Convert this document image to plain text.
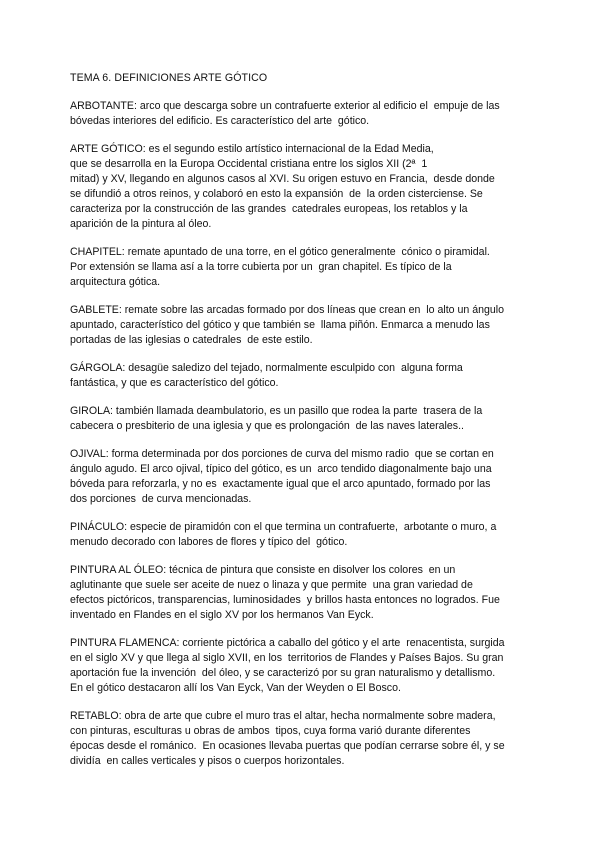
TEMA 6. DEFINICIONES ARTE GÓTICO
ARBOTANTE: arco que descarga sobre un contrafuerte exterior al edificio el  empuje de las
bóvedas interiores del edificio. Es característico del arte  gótico.
ARTE GÓTICO: es el segundo estilo artístico internacional de la Edad Media,
que se desarrolla en la Europa Occidental cristiana entre los siglos XII (2ª  1
mitad) y XV, llegando en algunos casos al XVI. Su origen estuvo en Francia,  desde donde
se difundió a otros reinos, y colaboró en esto la expansión  de  la orden cisterciense. Se
caracteriza por la construcción de las grandes  catedrales europeas, los retablos y la
aparición de la pintura al óleo.
CHAPITEL: remate apuntado de una torre, en el gótico generalmente  cónico o piramidal.
Por extensión se llama así a la torre cubierta por un  gran chapitel. Es típico de la
arquitectura gótica.
GABLETE: remate sobre las arcadas formado por dos líneas que crean en  lo alto un ángulo
apuntado, característico del gótico y que también se  llama piñón. Enmarca a menudo las
portadas de las iglesias o catedrales  de este estilo.
GÁRGOLA: desagüe saledizo del tejado, normalmente esculpido con  alguna forma
fantástica, y que es característico del gótico.
GIROLA: también llamada deambulatorio, es un pasillo que rodea la parte  trasera de la
cabecera o presbiterio de una iglesia y que es prolongación  de las naves laterales..
OJIVAL: forma determinada por dos porciones de curva del mismo radio  que se cortan en
ángulo agudo. El arco ojival, típico del gótico, es un  arco tendido diagonalmente bajo una
bóveda para reforzarla, y no es  exactamente igual que el arco apuntado, formado por las
dos porciones  de curva mencionadas.
PINÁCULO: especie de piramidón con el que termina un contrafuerte,  arbotante o muro, a
menudo decorado con labores de flores y típico del  gótico.
PINTURA AL ÓLEO: técnica de pintura que consiste en disolver los colores  en un
aglutinante que suele ser aceite de nuez o linaza y que permite  una gran variedad de
efectos pictóricos, transparencias, luminosidades  y brillos hasta entonces no logrados. Fue
inventado en Flandes en el siglo XV por los hermanos Van Eyck.
PINTURA FLAMENCA: corriente pictórica a caballo del gótico y el arte  renacentista, surgida
en el siglo XV y que llega al siglo XVII, en los  territorios de Flandes y Países Bajos. Su gran
aportación fue la invención  del óleo, y se caracterizó por su gran naturalismo y detallismo.
En el gótico destacaron allí los Van Eyck, Van der Weyden o El Bosco.
RETABLO: obra de arte que cubre el muro tras el altar, hecha normalmente sobre madera,
con pinturas, esculturas u obras de ambos  tipos, cuya forma varió durante diferentes
épocas desde el románico.  En ocasiones llevaba puertas que podían cerrarse sobre él, y se
dividía  en calles verticales y pisos o cuerpos horizontales.
